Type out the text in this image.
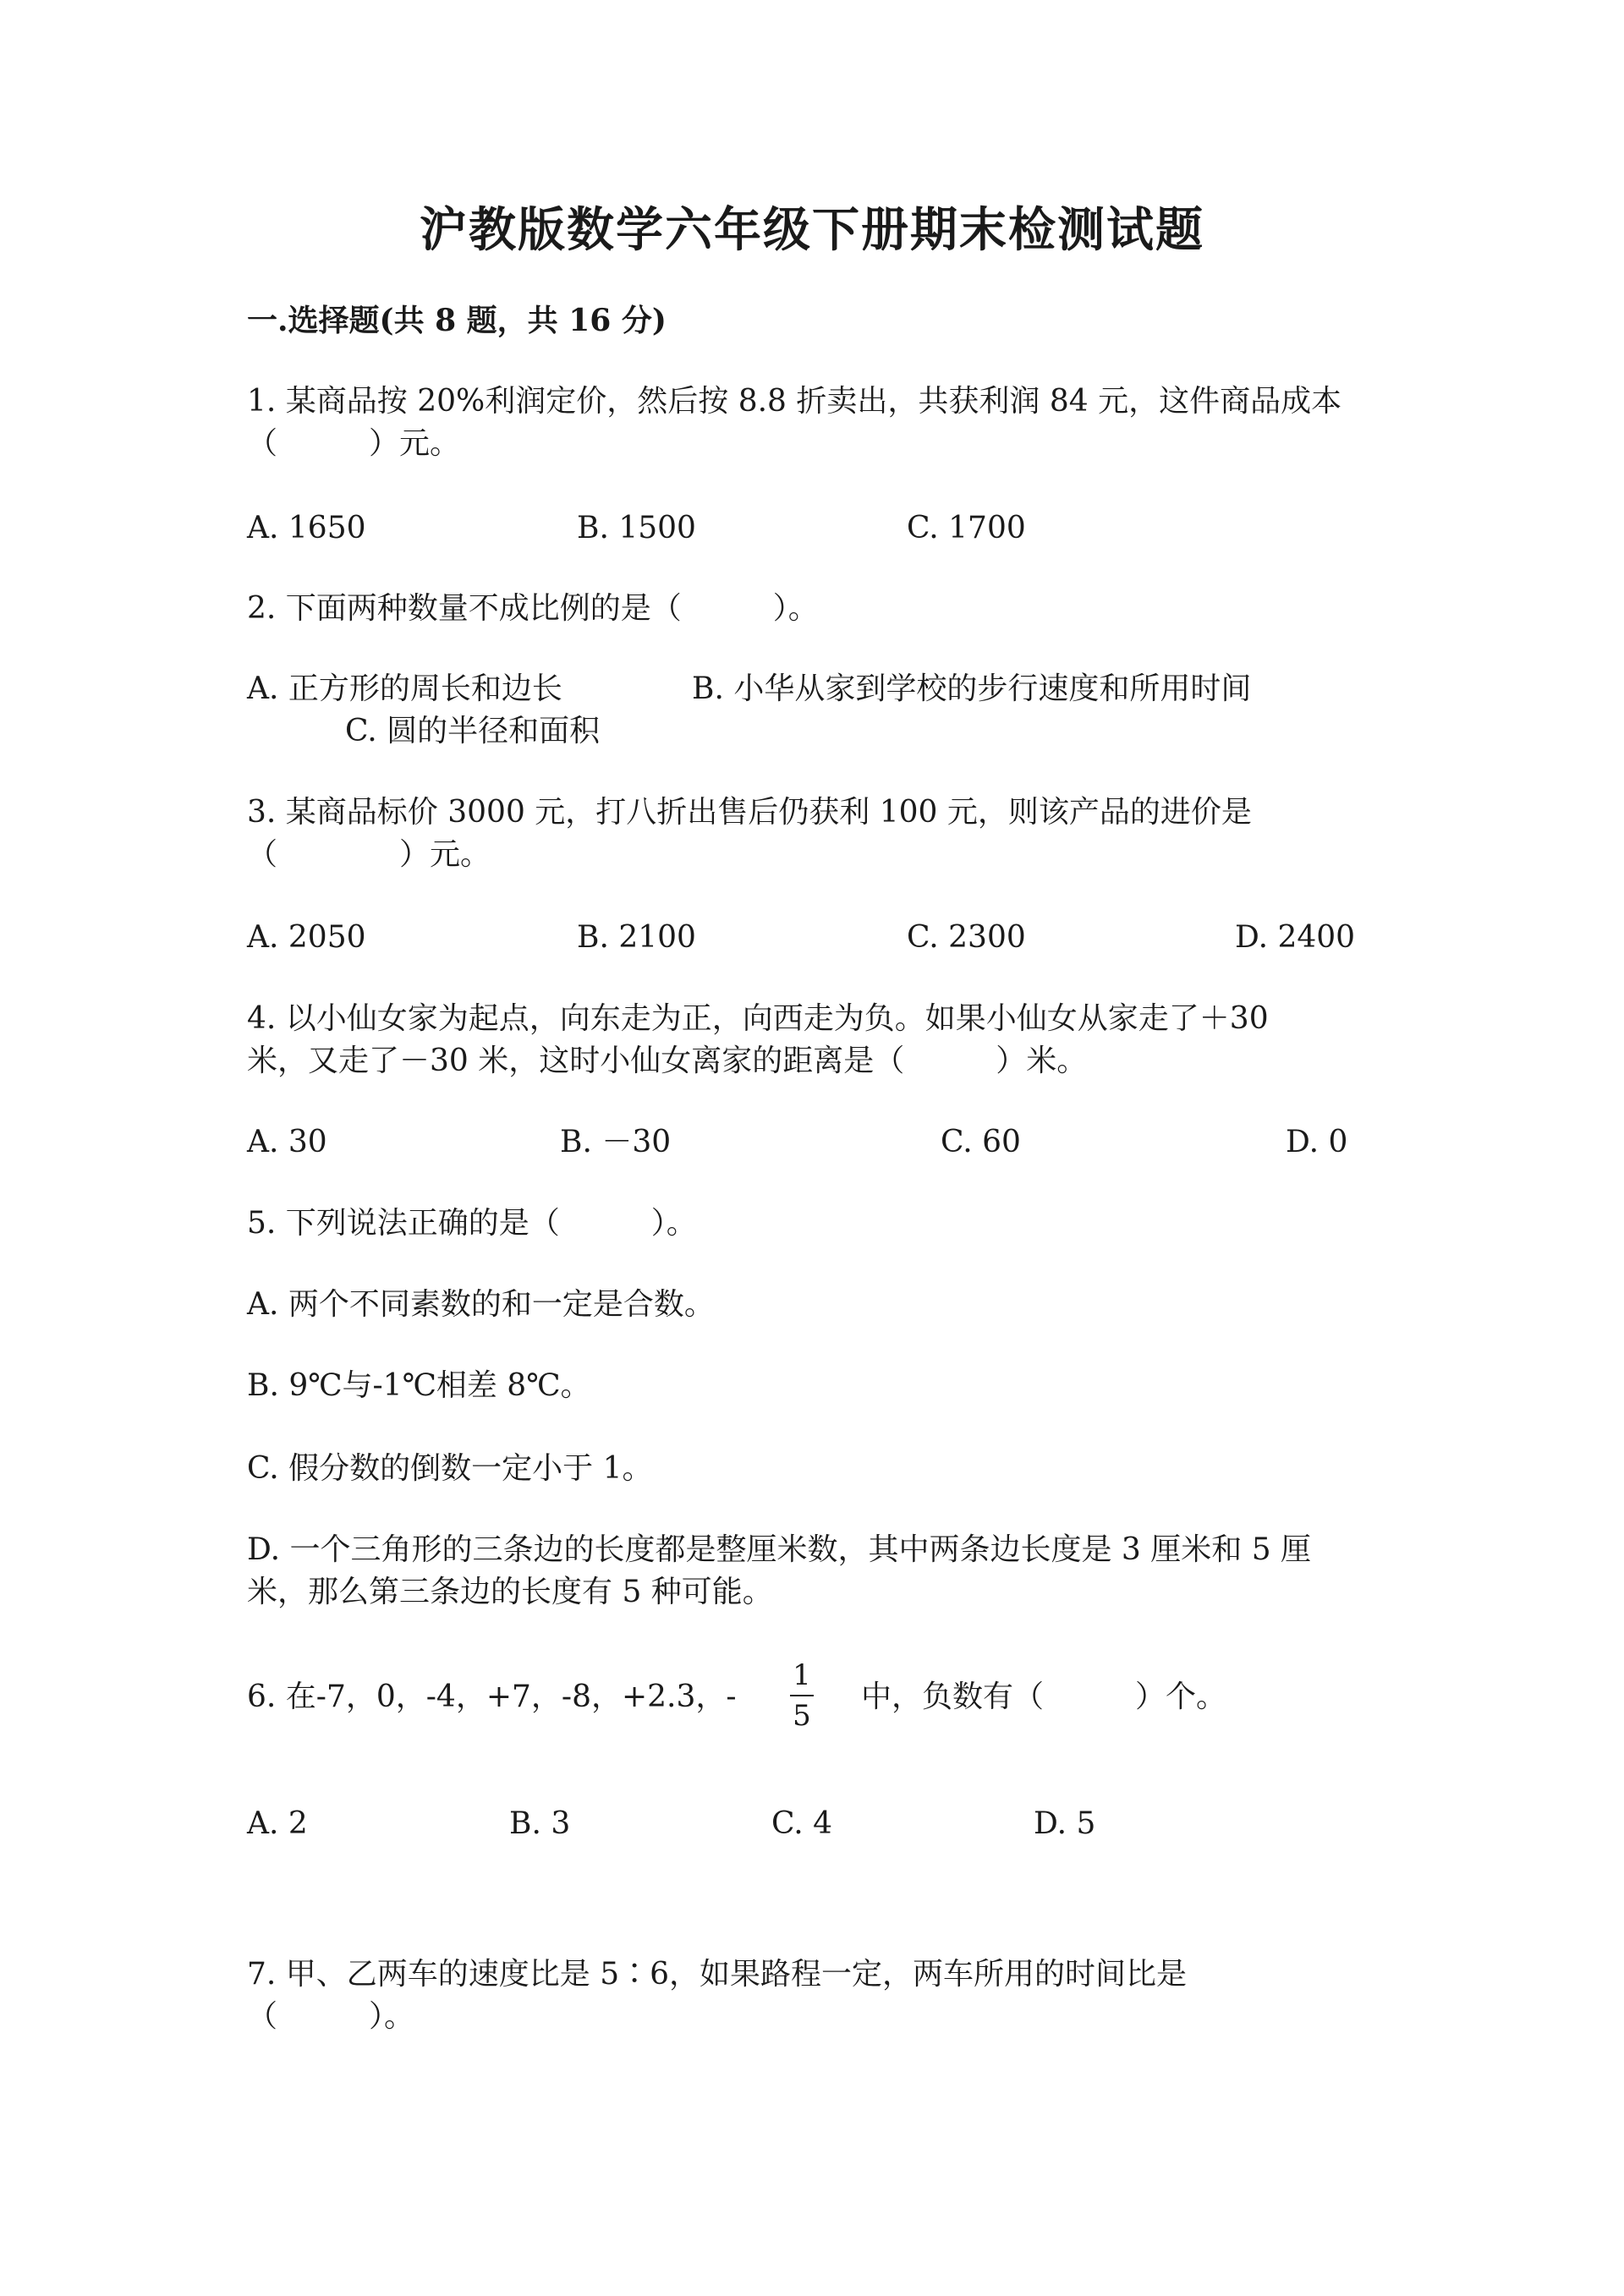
沪教版数学六年级下册期末检测试题
一.选择题(共 8 题，共 16 分)
1. 某商品按 20%利润定价，然后按 8.8 折卖出，共获利润 84 元，这件商品成本
（　　　）元。
A. 1650	B. 1500	C. 1700
2. 下面两种数量不成比例的是（　　　）。
A. 正方形的周长和边长	B. 小华从家到学校的步行速度和所用时间
C. 圆的半径和面积
3. 某商品标价 3000 元，打八折出售后仍获利 100 元，则该产品的进价是
（　　　　）元。
A. 2050	B. 2100	C. 2300	D. 2400
4. 以小仙女家为起点，向东走为正，向西走为负。如果小仙女从家走了＋30
米，又走了－30 米，这时小仙女离家的距离是（　　　）米。
A. 30	B. －30	C. 60	D. 0
5. 下列说法正确的是（　　　）。
A. 两个不同素数的和一定是合数。
B. 9℃与-1℃相差 8℃。
C. 假分数的倒数一定小于 1。
D. 一个三角形的三条边的长度都是整厘米数，其中两条边长度是 3 厘米和 5 厘
米，那么第三条边的长度有 5 种可能。
6. 在-7，0，-4，+7，-8，+2.3，-
1
5
中，负数有（　　　）个。
A. 2	B. 3	C. 4	D. 5
7. 甲、乙两车的速度比是 5∶6，如果路程一定，两车所用的时间比是
（　　　）。
